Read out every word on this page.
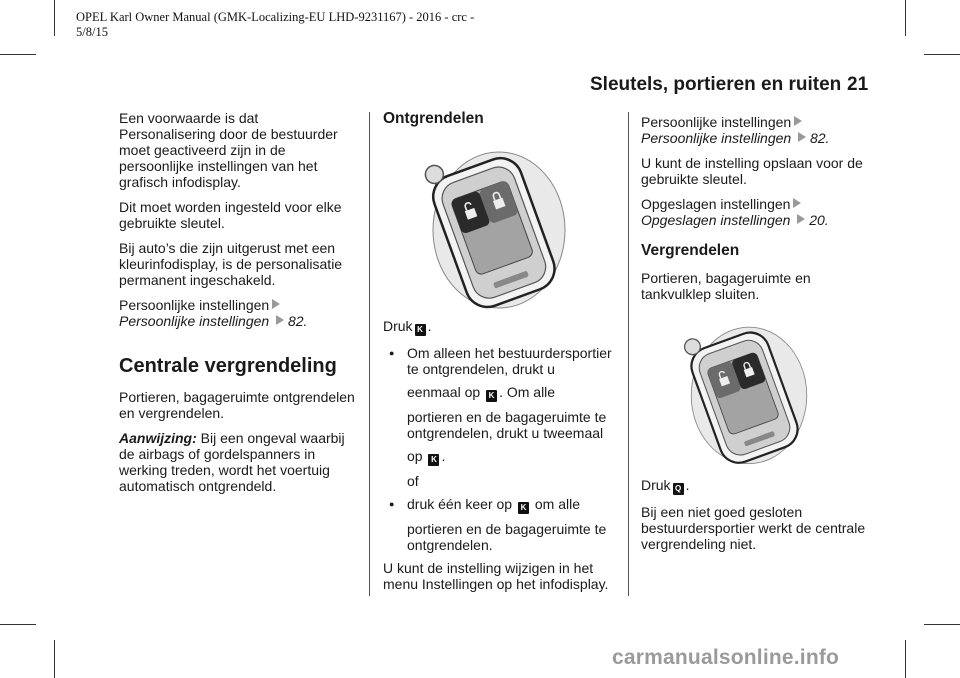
OPEL Karl Owner Manual (GMK-Localizing-EU LHD-9231167) - 2016 - crc -
5/8/15
Sleutels, portieren en ruiten 21

Een voorwaarde is dat Personalisering door de bestuurder moet geactiveerd zijn in de persoonlijke instellingen van het grafisch infodisplay.

Dit moet worden ingesteld voor elke gebruikte sleutel.

Bij auto’s die zijn uitgerust met een kleurinfodisplay, is de personalisatie permanent ingeschakeld.

Persoonlijke instellingen

Persoonlijke instellingen 82.

Centrale vergrendeling

Portieren, bagageruimte ontgrendelen en vergrendelen.

Aanwijzing: Bij een ongeval waarbij de airbags of gordelspanners in werking treden, wordt het voertuig automatisch ontgrendeld.

Ontgrendelen

Druk K .

● Om alleen het bestuurdersportier te ontgrendelen, drukt u

eenmaal op K . Om alle

portieren en de bagageruimte te ontgrendelen, drukt u tweemaal

op K .

of

● druk één keer op K om alle

portieren en de bagageruimte te ontgrendelen.

U kunt de instelling wijzigen in het menu Instellingen op het infodisplay.

Persoonlijke instellingen

Persoonlijke instellingen 82.

U kunt de instelling opslaan voor de gebruikte sleutel.

Opgeslagen instellingen

Opgeslagen instellingen 20.

Vergrendelen

Portieren, bagageruimte en tankvulklep sluiten.

Druk Q .

Bij een niet goed gesloten bestuurdersportier werkt de centrale vergrendeling niet.

carmanualsonline.info
